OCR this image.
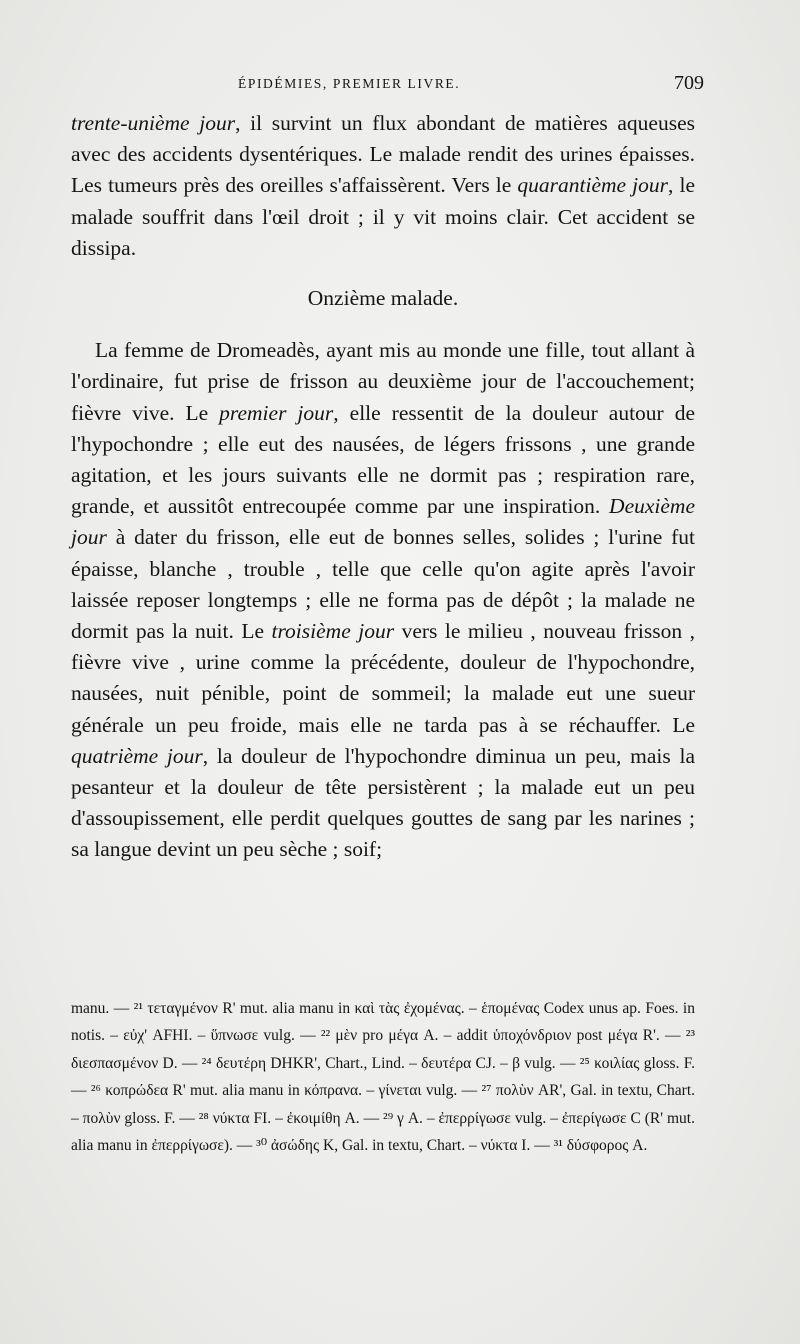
ÉPIDÉMIES, PREMIER LIVRE.	709

trente-unième jour, il survint un flux abondant de matières aqueuses avec des accidents dysentériques. Le malade rendit des urines épaisses. Les tumeurs près des oreilles s'affaissèrent. Vers le quarantième jour, le malade souffrit dans l'œil droit ; il y vit moins clair. Cet accident se dissipa.

Onzième malade.

La femme de Dromeadès, ayant mis au monde une fille, tout allant à l'ordinaire, fut prise de frisson au deuxième jour de l'accouchement; fièvre vive. Le premier jour, elle ressentit de la douleur autour de l'hypochondre ; elle eut des nausées, de légers frissons , une grande agitation, et les jours suivants elle ne dormit pas ; respiration rare, grande, et aussitôt entrecoupée comme par une inspiration. Deuxième jour à dater du frisson, elle eut de bonnes selles, solides ; l'urine fut épaisse, blanche , trouble , telle que celle qu'on agite après l'avoir laissée reposer longtemps ; elle ne forma pas de dépôt ; la malade ne dormit pas la nuit. Le troisième jour vers le milieu , nouveau frisson , fièvre vive , urine comme la précédente, douleur de l'hypochondre, nausées, nuit pénible, point de sommeil; la malade eut une sueur générale un peu froide, mais elle ne tarda pas à se réchauffer. Le quatrième jour, la douleur de l'hypochondre diminua un peu, mais la pesanteur et la douleur de tête persistèrent ; la malade eut un peu d'assoupissement, elle perdit quelques gouttes de sang par les narines ; sa langue devint un peu sèche ; soif;

manu. — ²¹ τεταγμένον R' mut. alia manu in καὶ τὰς ἐχομένας. – ἑπομένας Codex unus ap. Foes. in notis. – εὐχ' AFHI. – ὕπνωσε vulg. — ²² μὲν pro μέγα A. – addit ὑποχόνδριον post μέγα R'. — ²³ διεσπασμένον D. — ²⁴ δευτέρη DHKR', Chart., Lind. – δευτέρα CJ. – β vulg. — ²⁵ κοιλίας gloss. F. — ²⁶ κοπρώδεα R' mut. alia manu in κόπρανα. – γίνεται vulg. — ²⁷ πολὺν AR', Gal. in textu, Chart. – πολὺν gloss. F. — ²⁸ νύκτα FI. – ἐκοιμίθη A. — ²⁹ γ A. – ἐπερρίγωσε vulg. – ἐπερίγωσε C (R' mut. alia manu in ἐπερρίγωσε). — ³⁰ ἀσώδης K, Gal. in textu, Chart. – νύκτα I. — ³¹ δύσφορος A.
